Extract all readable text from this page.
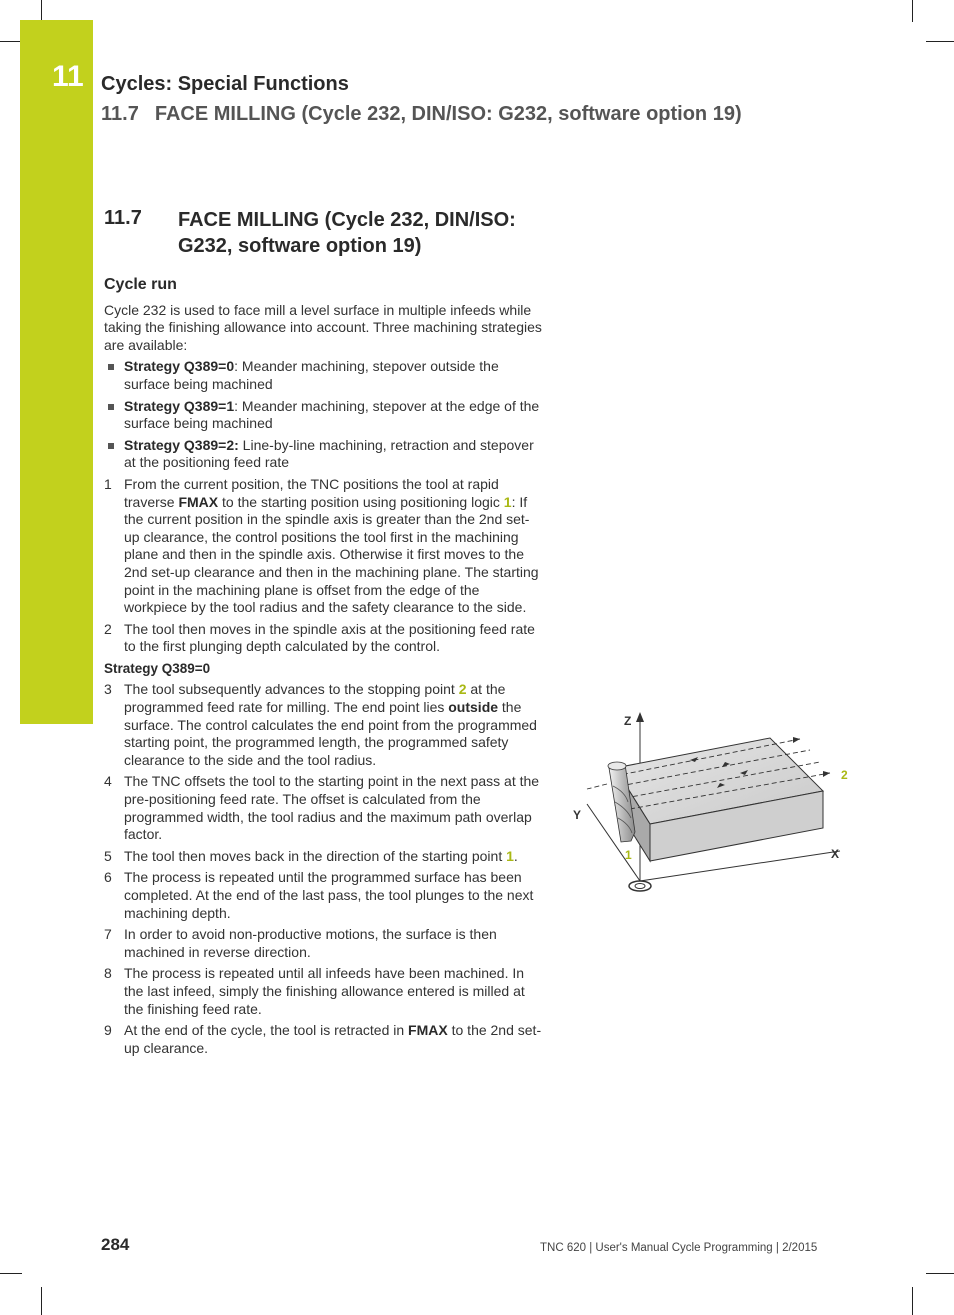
11 Cycles: Special Functions
11.7 FACE MILLING (Cycle 232, DIN/ISO: G232, software option 19)
11.7 FACE MILLING (Cycle 232, DIN/ISO: G232, software option 19)
Cycle run

Cycle 232 is used to face mill a level surface in multiple infeeds while taking the finishing allowance into account. Three machining strategies are available:

Strategy Q389=0: Meander machining, stepover outside the surface being machined
Strategy Q389=1: Meander machining, stepover at the edge of the surface being machined
Strategy Q389=2: Line-by-line machining, retraction and stepover at the positioning feed rate
1 From the current position, the TNC positions the tool at rapid traverse FMAX to the starting position using positioning logic 1: If the current position in the spindle axis is greater than the 2nd set-up clearance, the control positions the tool first in the machining plane and then in the spindle axis. Otherwise it first moves to the 2nd set-up clearance and then in the machining plane. The starting point in the machining plane is offset from the edge of the workpiece by the tool radius and the safety clearance to the side.
2 The tool then moves in the spindle axis at the positioning feed rate to the first plunging depth calculated by the control.
Strategy Q389=0
3 The tool subsequently advances to the stopping point 2 at the programmed feed rate for milling. The end point lies outside the surface. The control calculates the end point from the programmed starting point, the programmed length, the programmed safety clearance to the side and the tool radius.
4 The TNC offsets the tool to the starting point in the next pass at the pre-positioning feed rate. The offset is calculated from the programmed width, the tool radius and the maximum path overlap factor.
5 The tool then moves back in the direction of the starting point 1.
6 The process is repeated until the programmed surface has been completed. At the end of the last pass, the tool plunges to the next machining depth.
7 In order to avoid non-productive motions, the surface is then machined in reverse direction.
8 The process is repeated until all infeeds have been machined. In the last infeed, simply the finishing allowance entered is milled at the finishing feed rate.
9 At the end of the cycle, the tool is retracted in FMAX to the 2nd set-up clearance.
Z
Y
X
1
2
284	TNC 620 | User's Manual Cycle Programming | 2/2015
